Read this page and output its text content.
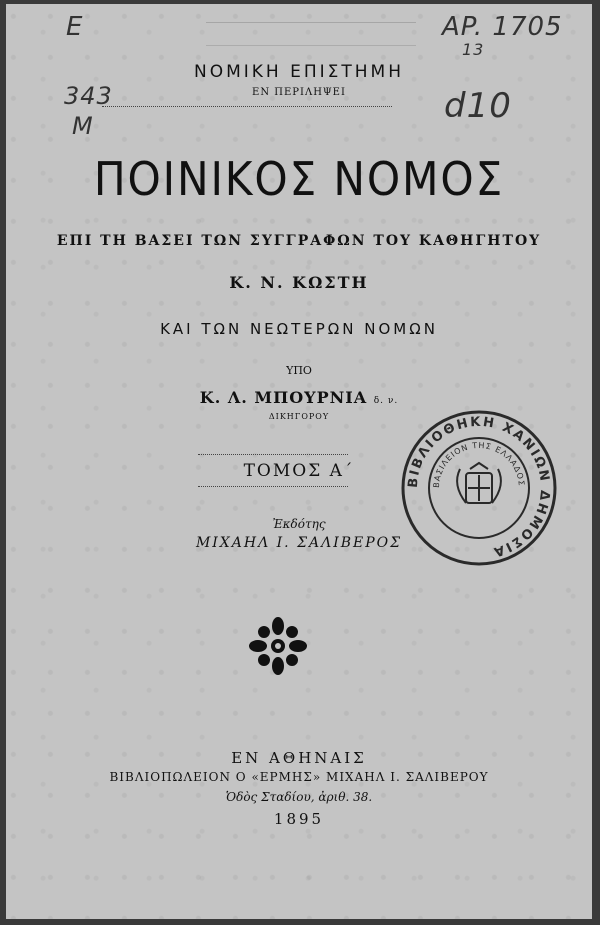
E
343
M
AP. 1705
13
d10
ΝΟΜΙΚΗ ΕΠΙΣΤΗΜΗ
ΕΝ ΠΕΡΙΛΗΨΕΙ
ΠΟΙΝΙΚΟΣ ΝΟΜΟΣ
ΕΠΙ ΤΗ ΒΑΣΕΙ ΤΩΝ ΣΥΓΓΡΑΦΩΝ ΤΟΥ ΚΑΘΗΓΗΤΟΥ
Κ. Ν. ΚΩΣΤΗ
ΚΑΙ ΤΩΝ ΝΕΩΤΕΡΩΝ ΝΟΜΩΝ
ΥΠΟ
Κ. Λ. ΜΠΟΥΡΝΙΑ δ. ν.
ΔΙΚΗΓΟΡΟΥ
ΤΟΜΟΣ Α΄
Ἐκδότης
ΜΙΧΑΗΛ Ι. ΣΑΛΙΒΕΡΟΣ
ΒΙΒΛΙΟΘΗΚΗ ΧΑΝΙΩΝ ΔΗΜΟΣΙΑ
ΒΑΣΙΛΕΙΟΝ ΤΗΣ ΕΛΛΑΔΟΣ
ΕΝ ΑΘΗΝΑΙΣ
ΒΙΒΛΙΟΠΩΛΕΙΟΝ Ο «ΕΡΜΗΣ» ΜΙΧΑΗΛ Ι. ΣΑΛΙΒΕΡΟΥ
Ὁδὸς Σταδίου, ἀριθ. 38.
1895
